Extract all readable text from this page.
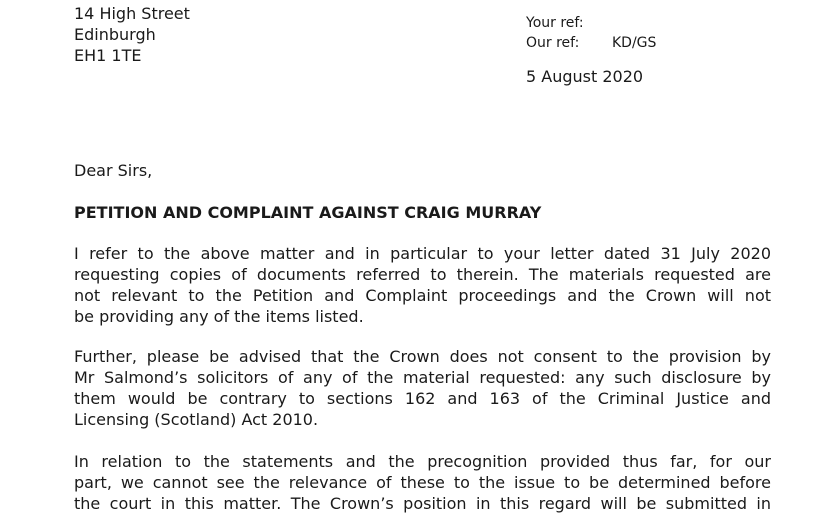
14 High Street
Edinburgh
EH1 1TE
Your ref:
Our ref: KD/GS
5 August 2020
Dear Sirs,
PETITION AND COMPLAINT AGAINST CRAIG MURRAY
I refer to the above matter and in particular to your letter dated 31 July 2020
requesting copies of documents referred to therein. The materials requested are
not relevant to the Petition and Complaint proceedings and the Crown will not
be providing any of the items listed.
Further, please be advised that the Crown does not consent to the provision by
Mr Salmond’s solicitors of any of the material requested: any such disclosure by
them would be contrary to sections 162 and 163 of the Criminal Justice and
Licensing (Scotland) Act 2010.
In relation to the statements and the precognition provided thus far, for our
part, we cannot see the relevance of these to the issue to be determined before
the court in this matter. The Crown’s position in this regard will be submitted in
